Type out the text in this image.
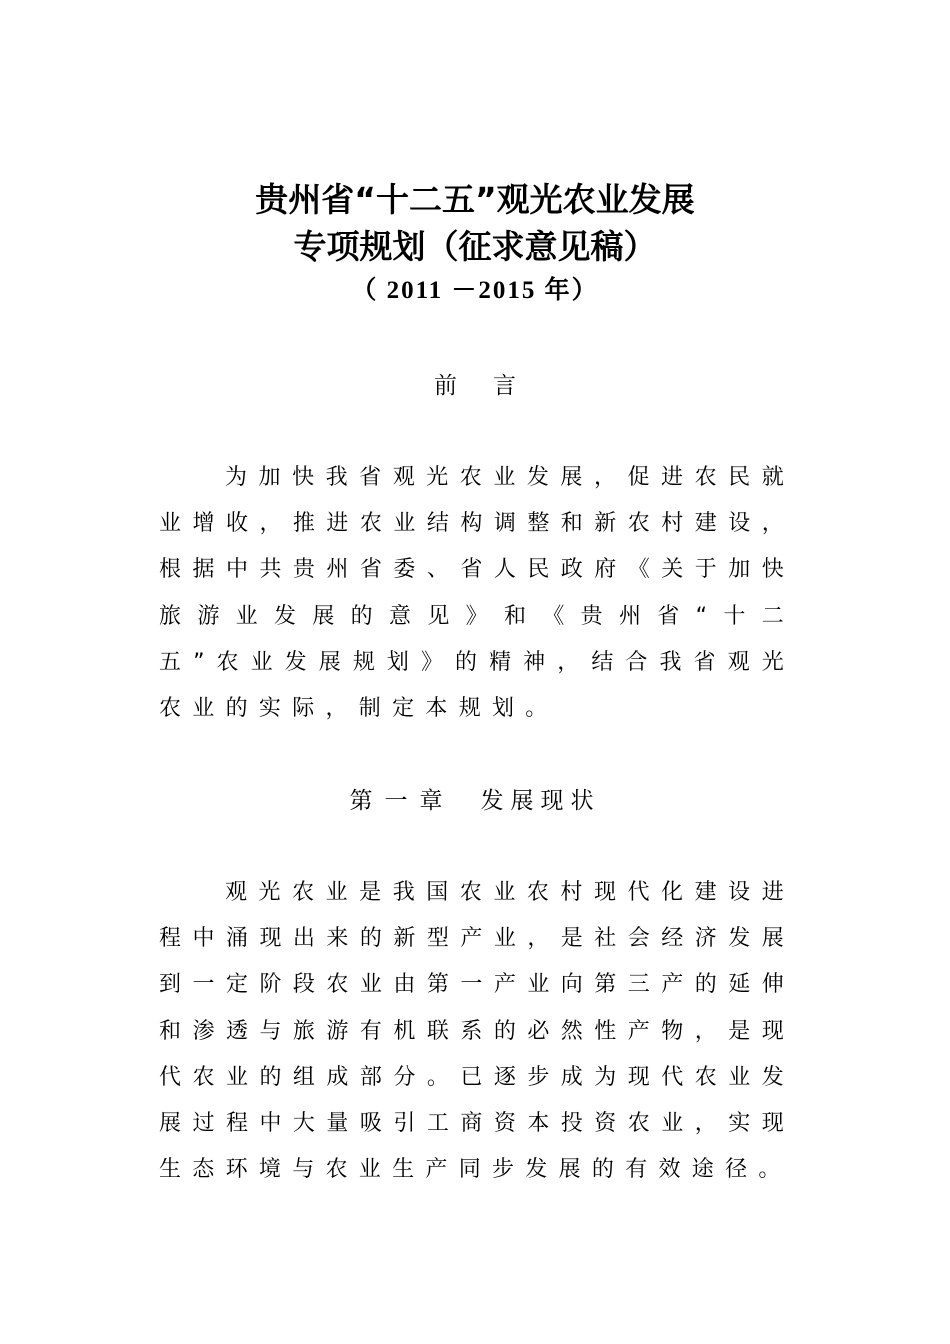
贵州省“十二五”观光农业发展
专项规划（征求意见稿）
（ 2011 －2015 年）
前言

为加快我省观光农业发展，促进农民就业增收，推进农业结构调整和新农村建设，根据中共贵州省委、省人民政府《关于加快旅游业发展的意见》和《贵州省“十二五”农业发展规划》的精神，结合我省观光农业的实际，制定本规划。

第一章 发展现状

观光农业是我国农业农村现代化建设进程中涌现出来的新型产业，是社会经济发展到一定阶段农业由第一产业向第三产的延伸和渗透与旅游有机联系的必然性产物，是现代农业的组成部分。已逐步成为现代农业发展过程中大量吸引工商资本投资农业，实现生态环境与农业生产同步发展的有效途径。
